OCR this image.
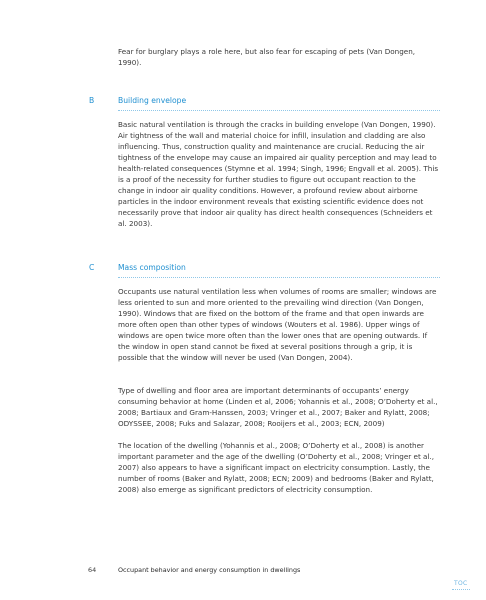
Fear for burglary plays a role here, but also fear for escaping of pets (Van Dongen, 1990).

B	Building envelope

Basic natural ventilation is through the cracks in building envelope (Van Dongen, 1990). Air tightness of the wall and material choice for infill, insulation and cladding are also influencing. Thus, construction quality and maintenance are crucial. Reducing the air tightness of the envelope may cause an impaired air quality perception and may lead to health-related consequences (Stymne et al. 1994; Singh, 1996; Engvall et al. 2005). This is a proof of the necessity for further studies to figure out occupant reaction to the change in indoor air quality conditions. However, a profound review about airborne particles in the indoor environment reveals that existing scientific evidence does not necessarily prove that indoor air quality has direct health consequences (Schneiders et al. 2003).

C	Mass composition

Occupants use natural ventilation less when volumes of rooms are smaller; windows are less oriented to sun and more oriented to the prevailing wind direction (Van Dongen, 1990). Windows that are fixed on the bottom of the frame and that open inwards are more often open than other types of windows (Wouters et al. 1986). Upper wings of windows are open twice more often than the lower ones that are opening outwards. If the window in open stand cannot be fixed at several positions through a grip, it is possible that the window will never be used (Van Dongen, 2004).

Type of dwelling and floor area are important determinants of occupants’ energy consuming behavior at home (Linden et al, 2006; Yohannis et al., 2008; O’Doherty et al., 2008; Bartiaux and Gram-Hanssen, 2003; Vringer et al., 2007; Baker and Rylatt, 2008; ODYSSEE, 2008; Fuks and Salazar, 2008; Rooijers et al., 2003; ECN, 2009)

The location of the dwelling (Yohannis et al., 2008; O’Doherty et al., 2008) is another important parameter and the age of the dwelling (O’Doherty et al., 2008; Vringer et al., 2007) also appears to have a significant impact on electricity consumption. Lastly, the number of rooms (Baker and Rylatt, 2008; ECN; 2009) and bedrooms (Baker and Rylatt, 2008) also emerge as significant predictors of electricity consumption.

64	Occupant behavior and energy consumption in dwellings
TOC
